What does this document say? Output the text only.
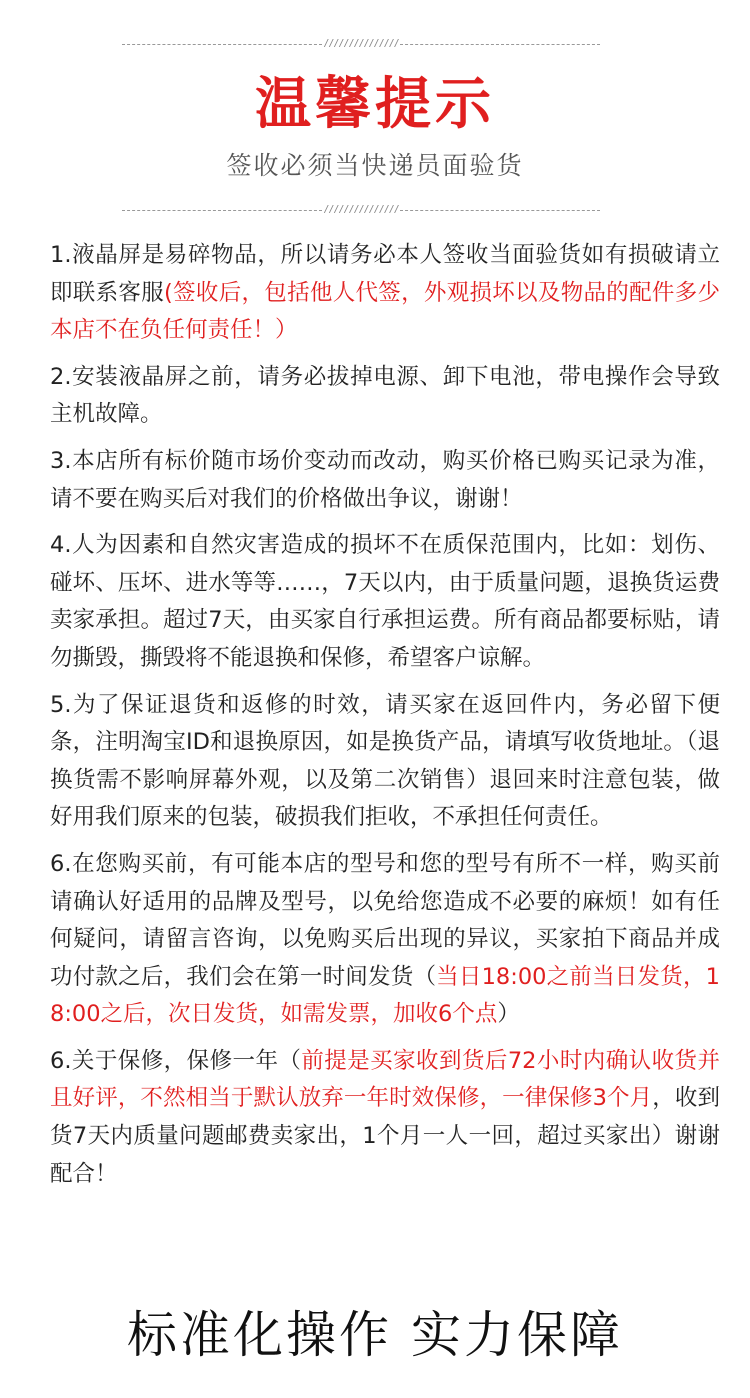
///////////////
温馨提示
签收必须当快递员面验货
///////////////

1.液晶屏是易碎物品，所以请务必本人签收当面验货如有损破请立即联系客服(签收后，包括他人代签，外观损坏以及物品的配件多少本店不在负任何责任！）

2.安装液晶屏之前，请务必拔掉电源、卸下电池，带电操作会导致主机故障。

3.本店所有标价随市场价变动而改动，购买价格已购买记录为准，请不要在购买后对我们的价格做出争议，谢谢！

4.人为因素和自然灾害造成的损坏不在质保范围内，比如：划伤、碰坏、压坏、进水等等……，7天以内，由于质量问题，退换货运费卖家承担。超过7天，由买家自行承担运费。所有商品都要标贴，请勿撕毁，撕毁将不能退换和保修，希望客户谅解。

5.为了保证退货和返修的时效，请买家在返回件内，务必留下便条，注明淘宝ID和退换原因，如是换货产品，请填写收货地址。（退换货需不影响屏幕外观，以及第二次销售）退回来时注意包装，做好用我们原来的包装，破损我们拒收，不承担任何责任。

6.在您购买前，有可能本店的型号和您的型号有所不一样，购买前请确认好适用的品牌及型号，以免给您造成不必要的麻烦！如有任何疑问，请留言咨询，以免购买后出现的异议，买家拍下商品并成功付款之后，我们会在第一时间发货（当日18:00之前当日发货，18:00之后，次日发货，如需发票，加收6个点）

6.关于保修，保修一年（前提是买家收到货后72小时内确认收货并且好评，不然相当于默认放弃一年时效保修，一律保修3个月，收到货7天内质量问题邮费卖家出，1个月一人一回，超过买家出）谢谢配合！

标准化操作 实力保障
